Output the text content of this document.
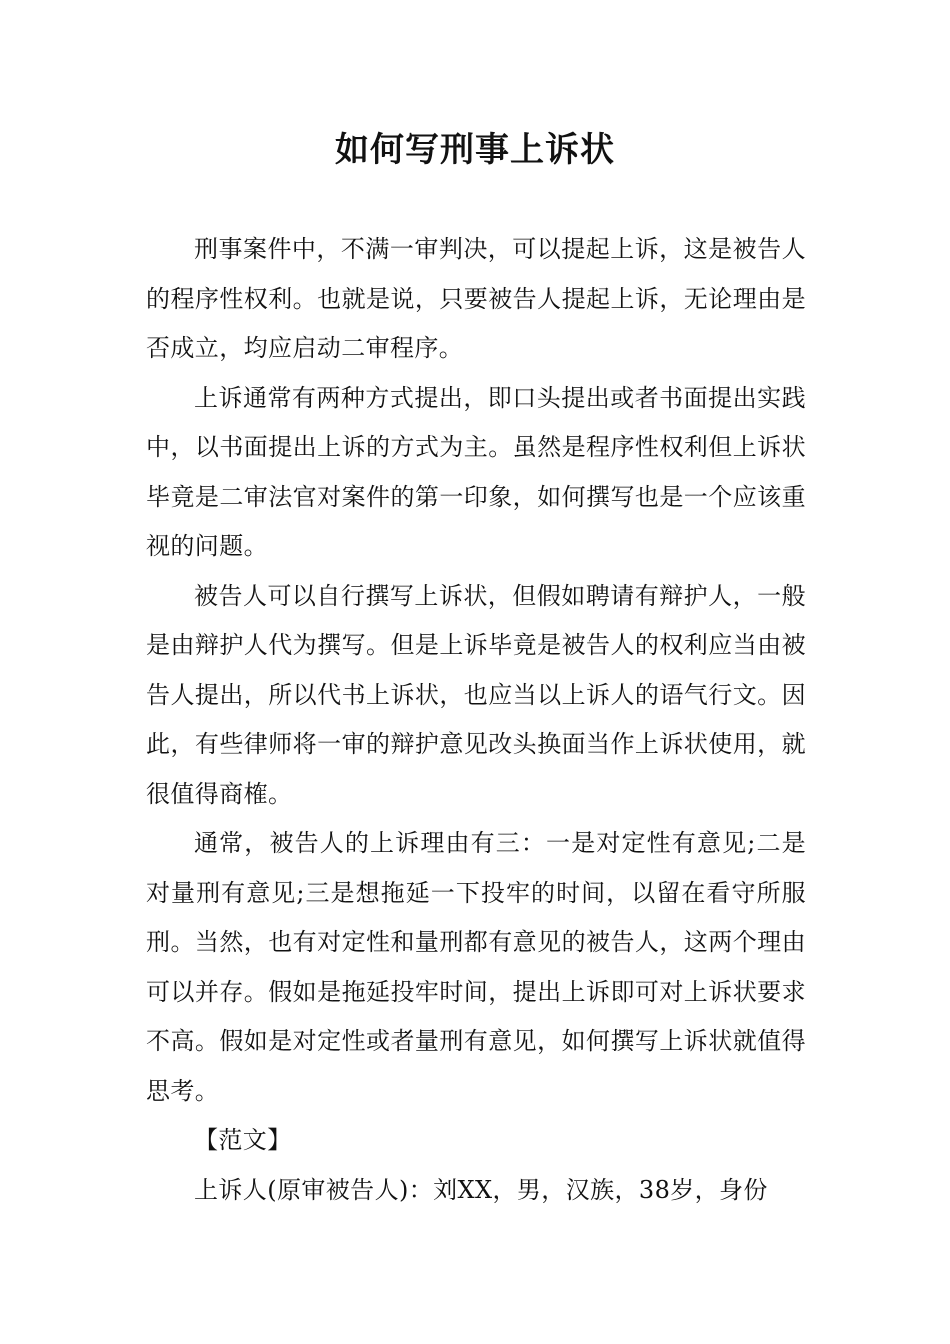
如何写刑事上诉状

刑事案件中，不满一审判决，可以提起上诉，这是被告人的程序性权利。也就是说，只要被告人提起上诉，无论理由是否成立，均应启动二审程序。

上诉通常有两种方式提出，即口头提出或者书面提出实践中，以书面提出上诉的方式为主。虽然是程序性权利但上诉状毕竟是二审法官对案件的第一印象，如何撰写也是一个应该重视的问题。

被告人可以自行撰写上诉状，但假如聘请有辩护人，一般是由辩护人代为撰写。但是上诉毕竟是被告人的权利应当由被告人提出，所以代书上诉状，也应当以上诉人的语气行文。因此，有些律师将一审的辩护意见改头换面当作上诉状使用，就很值得商榷。

通常，被告人的上诉理由有三：一是对定性有意见;二是对量刑有意见;三是想拖延一下投牢的时间，以留在看守所服刑。当然，也有对定性和量刑都有意见的被告人，这两个理由可以并存。假如是拖延投牢时间，提出上诉即可对上诉状要求不高。假如是对定性或者量刑有意见，如何撰写上诉状就值得思考。

【范文】

上诉人(原审被告人)：刘XX，男，汉族，38岁，身份
